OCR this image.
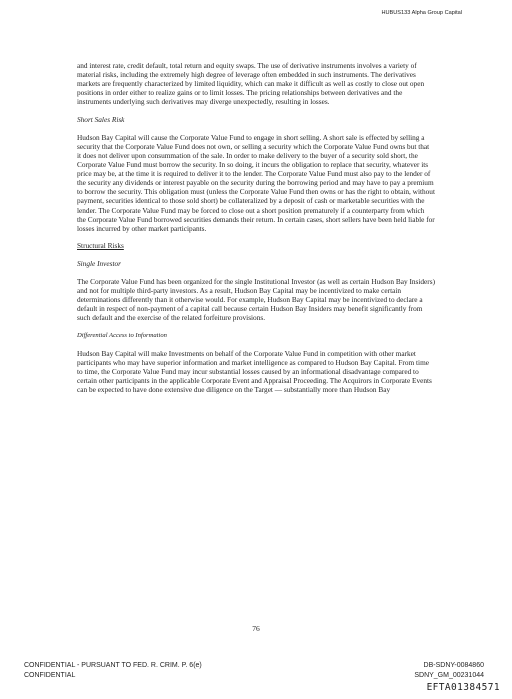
HUBUS133 Alpha Group Capital

and interest rate, credit default, total return and equity swaps. The use of derivative instruments involves a variety of material risks, including the extremely high degree of leverage often embedded in such instruments. The derivatives markets are frequently characterized by limited liquidity, which can make it difficult as well as costly to close out open positions in order either to realize gains or to limit losses. The pricing relationships between derivatives and the instruments underlying such derivatives may diverge unexpectedly, resulting in losses.

Short Sales Risk

Hudson Bay Capital will cause the Corporate Value Fund to engage in short selling. A short sale is effected by selling a security that the Corporate Value Fund does not own, or selling a security which the Corporate Value Fund owns but that it does not deliver upon consummation of the sale. In order to make delivery to the buyer of a security sold short, the Corporate Value Fund must borrow the security. In so doing, it incurs the obligation to replace that security, whatever its price may be, at the time it is required to deliver it to the lender. The Corporate Value Fund must also pay to the lender of the security any dividends or interest payable on the security during the borrowing period and may have to pay a premium to borrow the security. This obligation must (unless the Corporate Value Fund then owns or has the right to obtain, without payment, securities identical to those sold short) be collateralized by a deposit of cash or marketable securities with the lender. The Corporate Value Fund may be forced to close out a short position prematurely if a counterparty from which the Corporate Value Fund borrowed securities demands their return. In certain cases, short sellers have been held liable for losses incurred by other market participants.

Structural Risks

Single Investor

The Corporate Value Fund has been organized for the single Institutional Investor (as well as certain Hudson Bay Insiders) and not for multiple third-party investors. As a result, Hudson Bay Capital may be incentivized to make certain determinations differently than it otherwise would. For example, Hudson Bay Capital may be incentivized to declare a default in respect of non-payment of a capital call because certain Hudson Bay Insiders may benefit significantly from such default and the exercise of the related forfeiture provisions.

Differential Access to Information

Hudson Bay Capital will make Investments on behalf of the Corporate Value Fund in competition with other market participants who may have superior information and market intelligence as compared to Hudson Bay Capital. From time to time, the Corporate Value Fund may incur substantial losses caused by an informational disadvantage compared to certain other participants in the applicable Corporate Event and Appraisal Proceeding. The Acquirors in Corporate Events can be expected to have done extensive due diligence on the Target — substantially more than Hudson Bay

76
CONFIDENTIAL - PURSUANT TO FED. R. CRIM. P. 6(e)
CONFIDENTIAL
DB-SDNY-0084860
SDNY_GM_00231044
EFTA01384571
